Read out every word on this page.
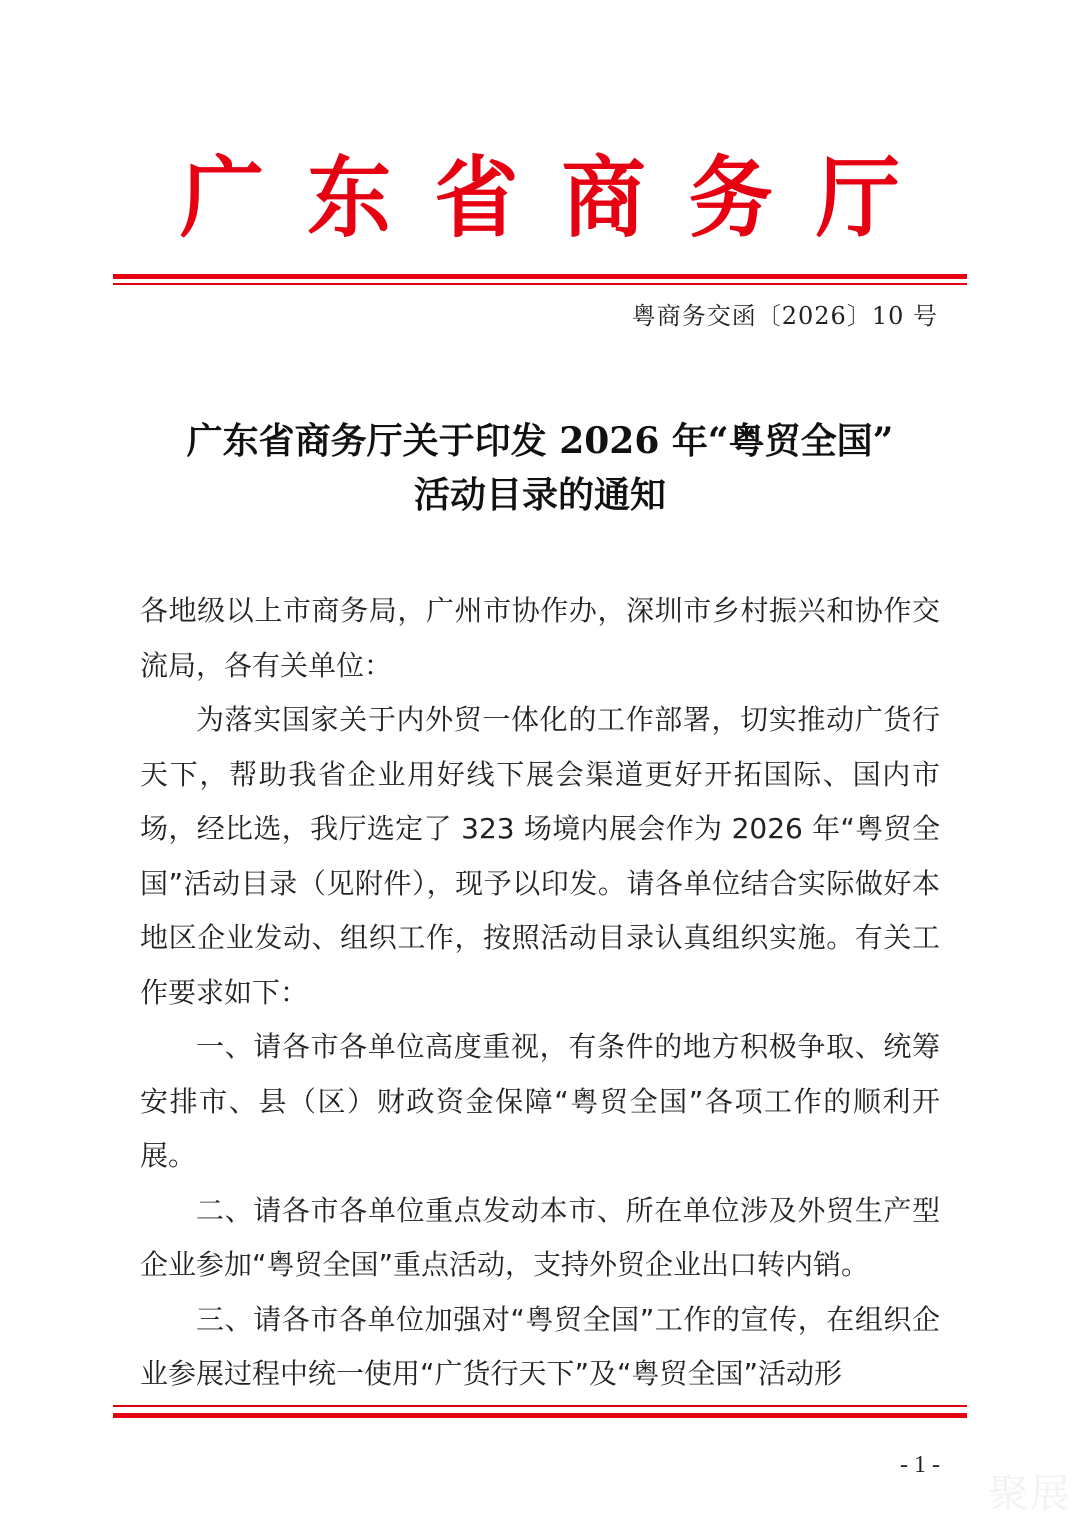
广 东 省 商 务 厅
粤商务交函〔2026〕10 号
广东省商务厅关于印发 2026 年“粤贸全国”
活动目录的通知

各地级以上市商务局，广州市协作办，深圳市乡村振兴和协作交流局，各有关单位：

为落实国家关于内外贸一体化的工作部署，切实推动广货行天下，帮助我省企业用好线下展会渠道更好开拓国际、国内市场，经比选，我厅选定了 323 场境内展会作为 2026 年“粤贸全国”活动目录（见附件），现予以印发。请各单位结合实际做好本地区企业发动、组织工作，按照活动目录认真组织实施。有关工作要求如下：

一、请各市各单位高度重视，有条件的地方积极争取、统筹安排市、县（区）财政资金保障“粤贸全国”各项工作的顺利开展。

二、请各市各单位重点发动本市、所在单位涉及外贸生产型企业参加“粤贸全国”重点活动，支持外贸企业出口转内销。

三、请各市各单位加强对“粤贸全国”工作的宣传，在组织企业参展过程中统一使用“广货行天下”及“粤贸全国”活动形

- 1 -
聚展
